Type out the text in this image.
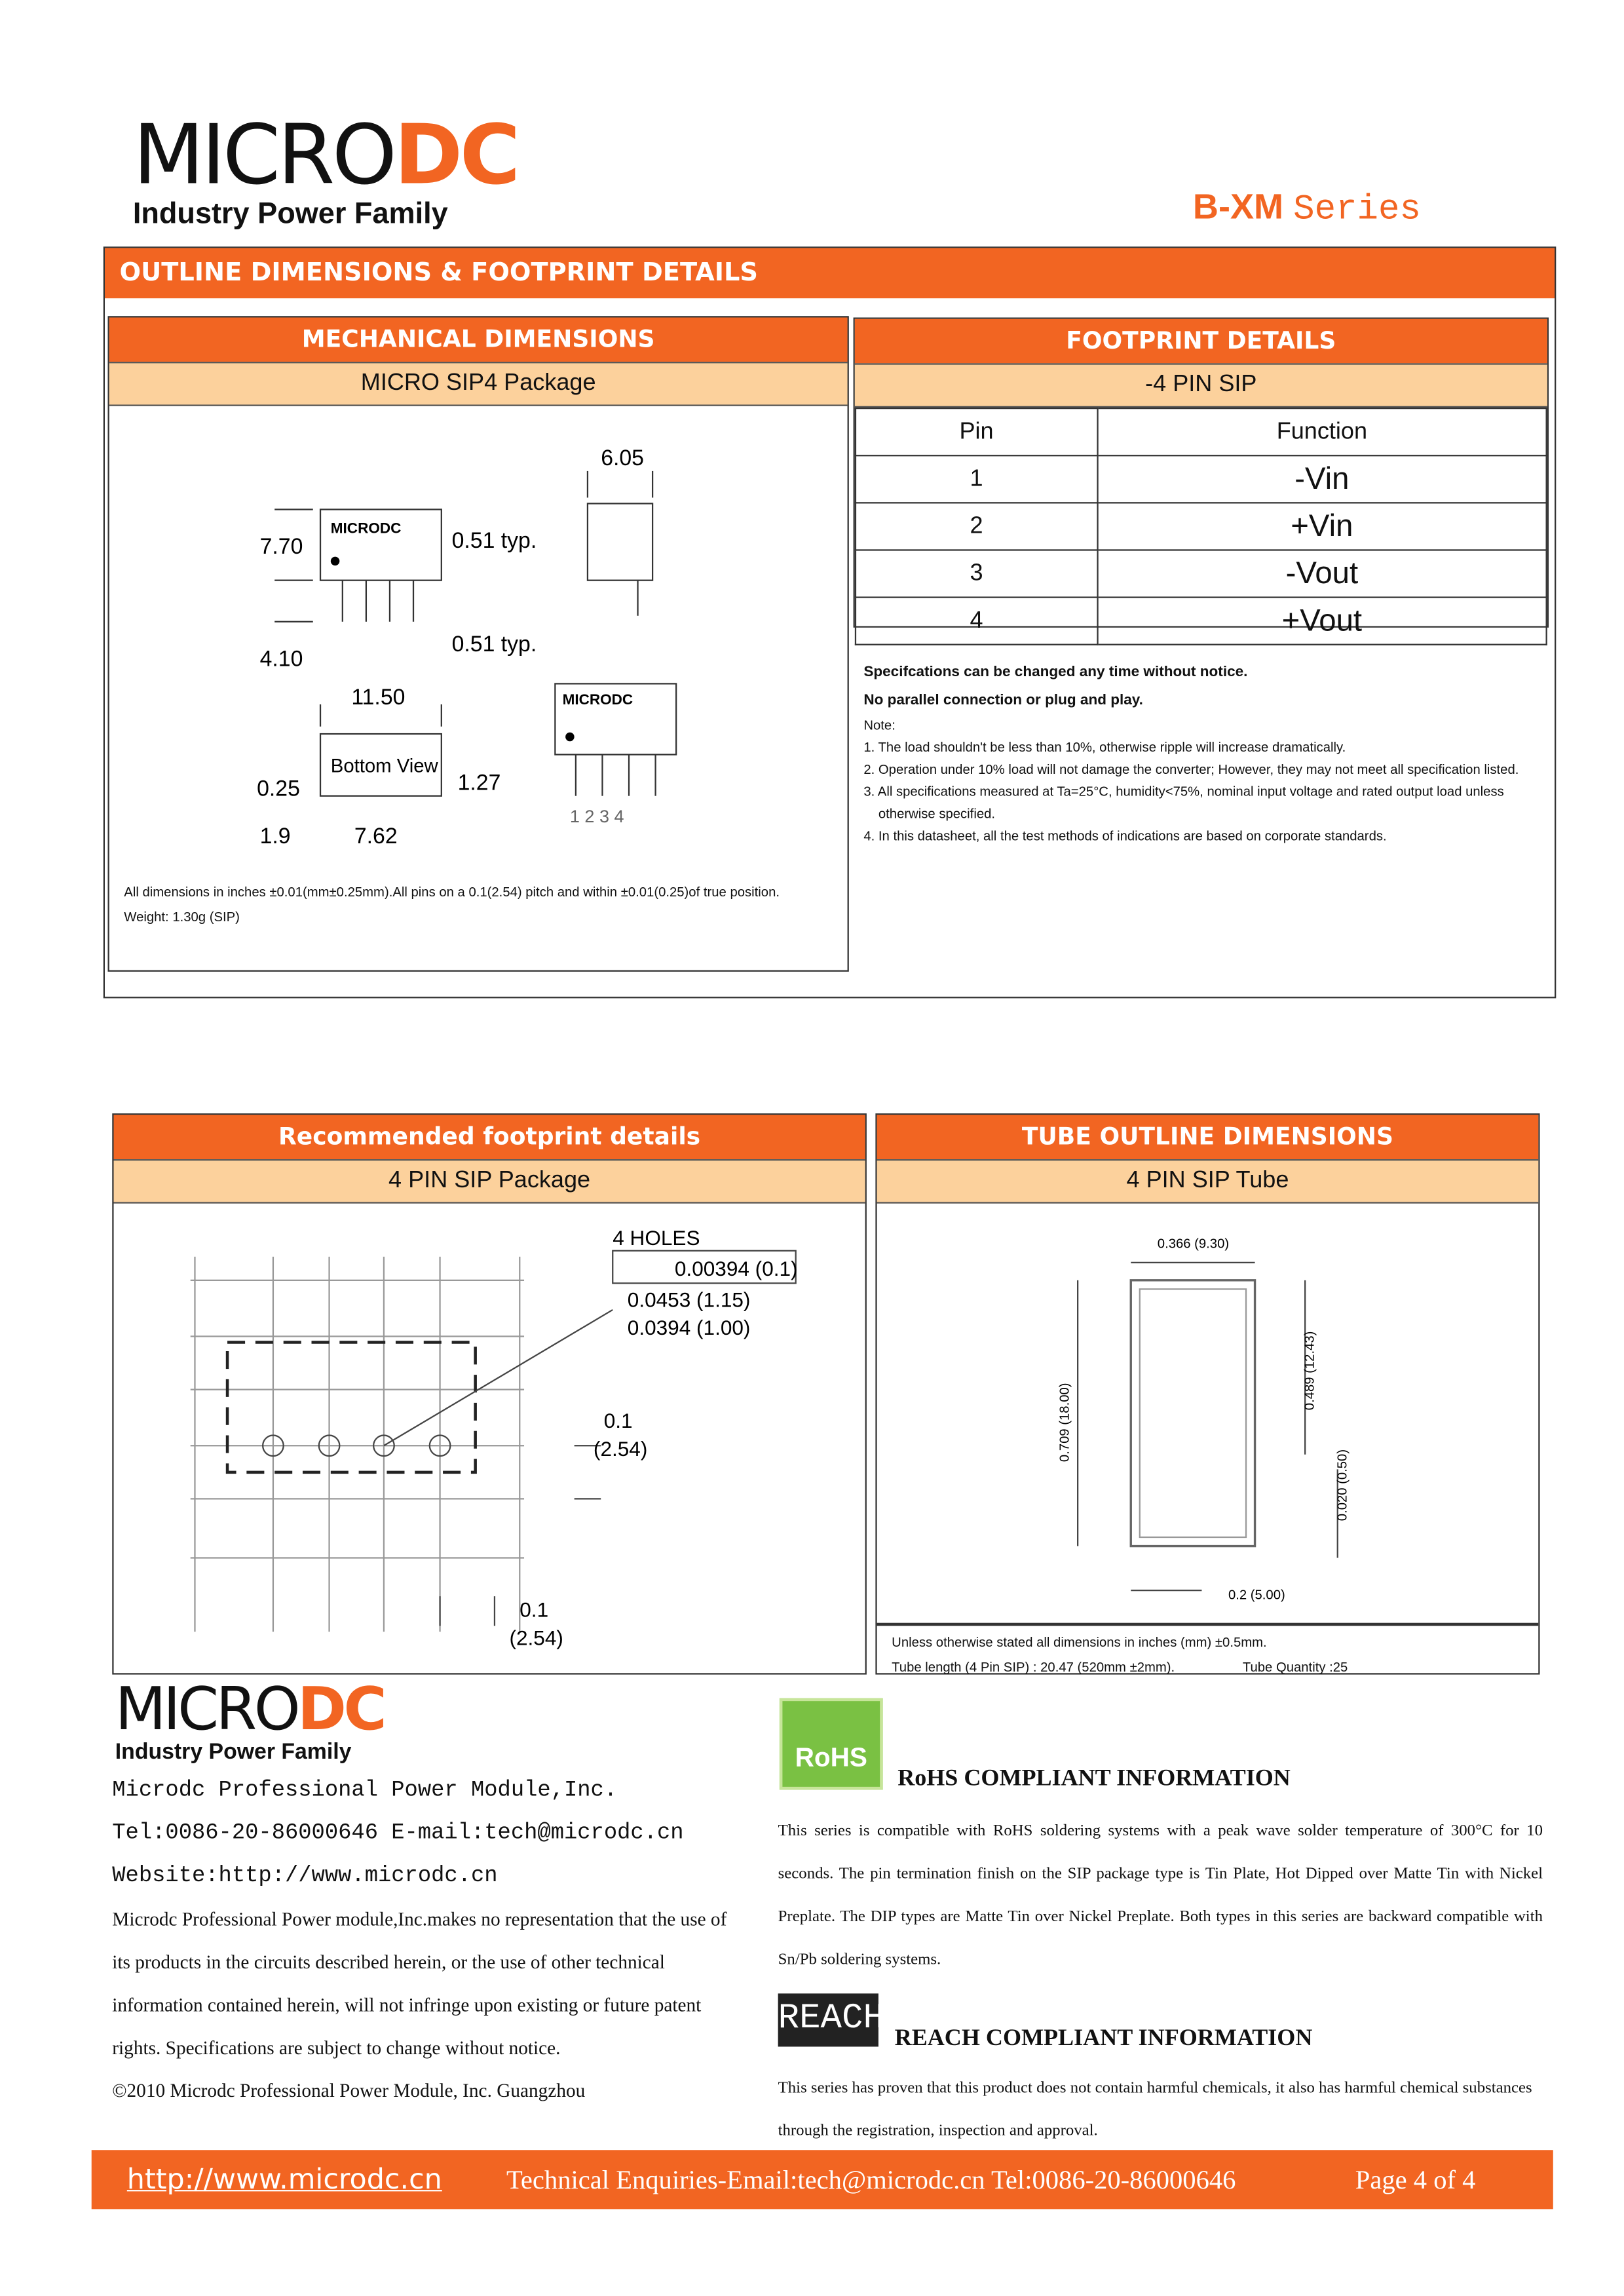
MICRODC
Industry Power Family	B-XM Series
OUTLINE DIMENSIONS & FOOTPRINT DETAILS
MECHANICAL DIMENSIONS
MICRO SIP4 Package
7.70
MICRODC
0.51 typ.
6.05
4.10
0.51 typ.
11.50	MICRODC
0.25
Bottom View
1.27
1.9	7.62
1 2 3 4
All dimensions in inches ±0.01(mm±0.25mm).All pins on a 0.1(2.54) pitch and within ±0.01(0.25)of true position.
Weight: 1.30g (SIP)
FOOTPRINT DETAILS
-4 PIN SIP
Pin	Function
1	-Vin
2	+Vin
3	-Vout
4	+Vout
Specifcations can be changed any time without notice.
No parallel connection or plug and play.
Note:
1. The load shouldn't be less than 10%, otherwise ripple will increase dramatically.
2. Operation under 10% load will not damage the converter; However, they may not meet all specification listed.
3. All specifications measured at Ta=25°C, humidity<75%, nominal input voltage and rated output load unless otherwise specified.
4. In this datasheet, all the test methods of indications are based on corporate standards.
Recommended footprint details
4 PIN SIP Package
4 HOLES
0.00394 (0.1)
0.0453 (1.15)
0.0394 (1.00)
0.1
(2.54)
0.1
(2.54)
TUBE OUTLINE DIMENSIONS
4 PIN SIP Tube
0.366 (9.30)
0.709 (18.00)
0.489 (12.43)
0.020 (0.50)
0.2 (5.00)
Unless otherwise stated all dimensions in inches (mm) ±0.5mm.
Tube length (4 Pin SIP) : 20.47 (520mm ±2mm).	Tube Quantity :25
MICRODC
Industry Power Family
Microdc Professional Power Module,Inc.
Tel:0086-20-86000646 E-mail:tech@microdc.cn
Website:http://www.microdc.cn
Microdc Professional Power module,Inc.makes no representation that the use of its products in the circuits described herein, or the use of other technical information contained herein, will not infringe upon existing or future patent rights. Specifications are subject to change without notice.
©2010 Microdc Professional Power Module, Inc. Guangzhou
RoHS
RoHS COMPLIANT INFORMATION
This series is compatible with RoHS soldering systems with a peak wave solder temperature of 300°C for 10 seconds. The pin termination finish on the SIP package type is Tin Plate, Hot Dipped over Matte Tin with Nickel Preplate. The DIP types are Matte Tin over Nickel Preplate. Both types in this series are backward compatible with Sn/Pb soldering systems.
REACH REACH COMPLIANT INFORMATION
This series has proven that this product does not contain harmful chemicals, it also has harmful chemical substances through the registration, inspection and approval.
http://www.microdc.cn	Technical Enquiries-Email:tech@microdc.cn Tel:0086-20-86000646	Page 4 of 4
